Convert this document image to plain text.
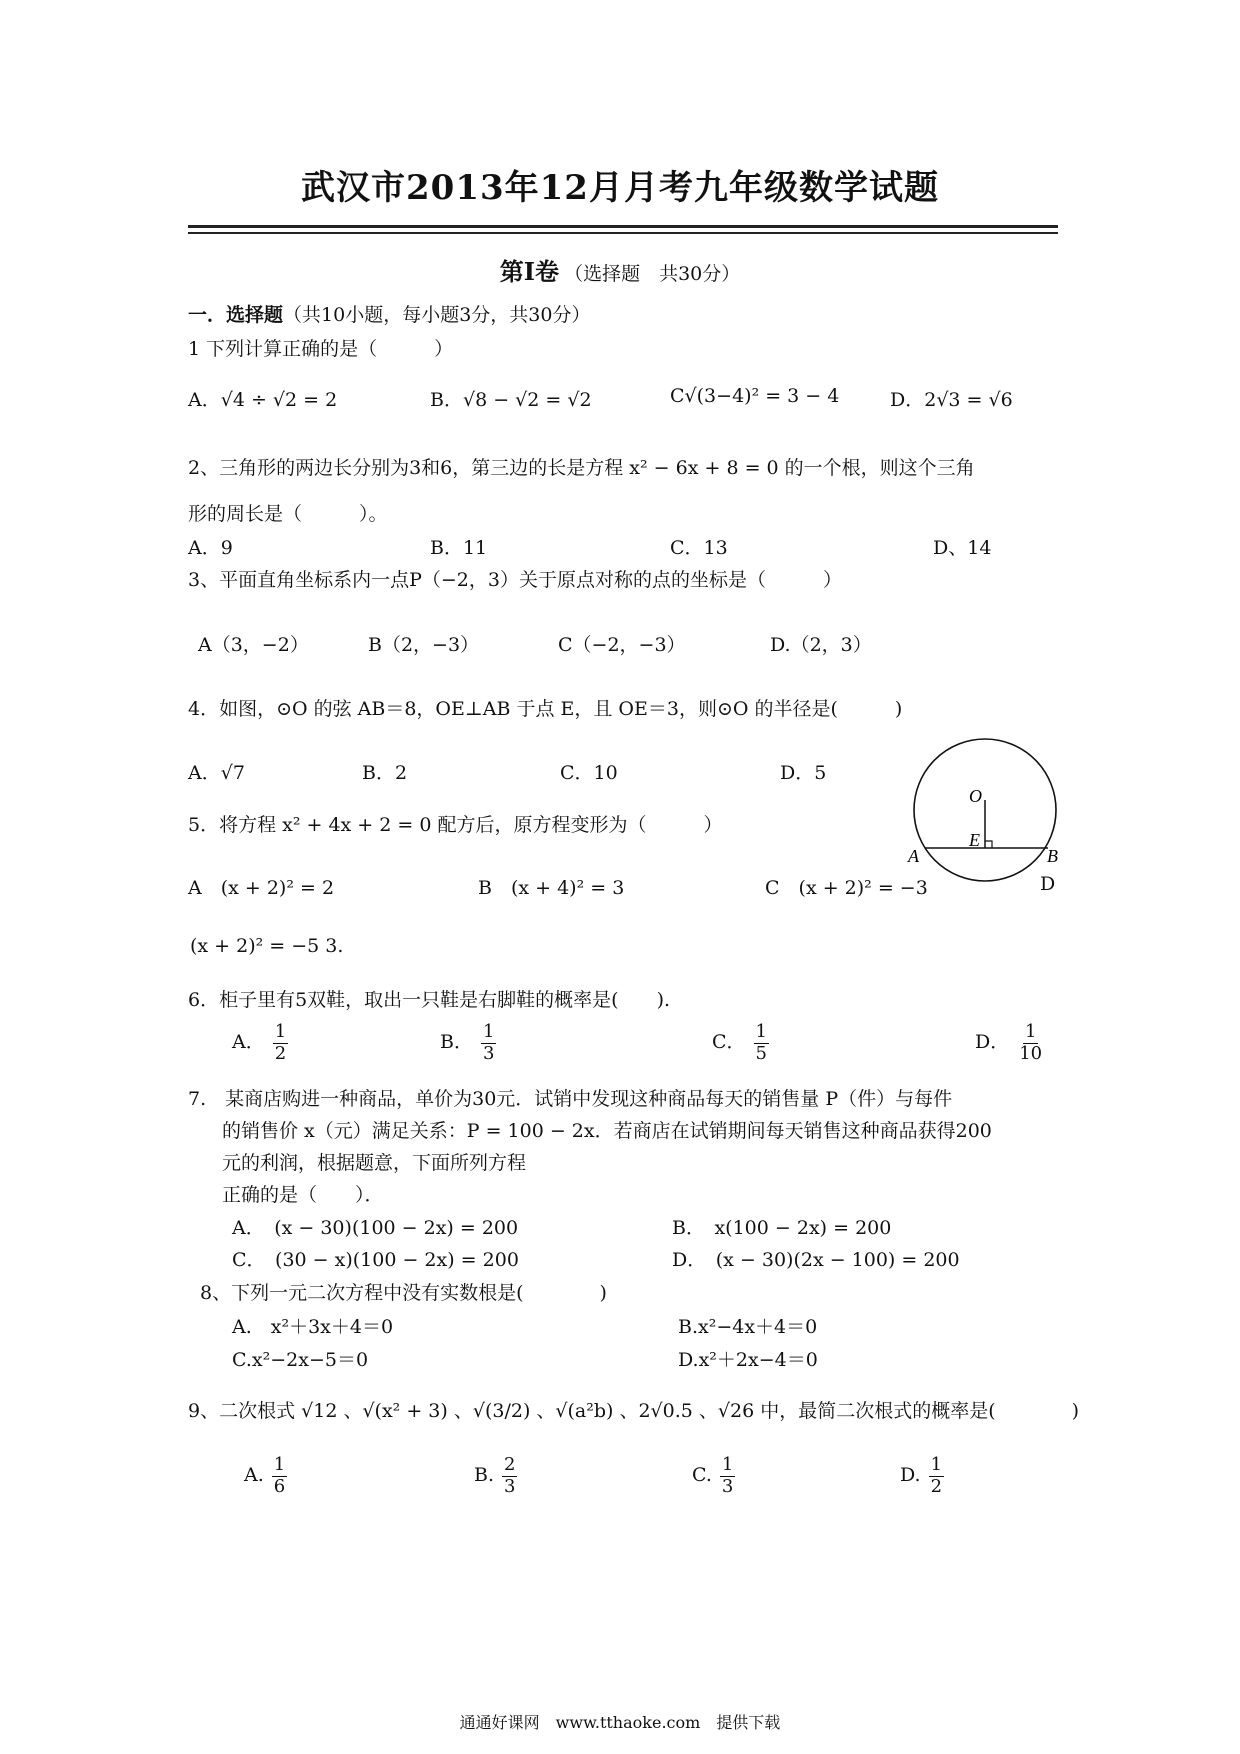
武汉市2013年12月月考九年级数学试题
第Ⅰ卷 （选择题　共30分）
一．选择题（共10小题，每小题3分，共30分）
1 下列计算正确的是（　　　）
A．√4 ÷ √2 = 2	B．√8 − √2 = √2	C√(3−4)² = 3 − 4	D．2√3 = √6
2、三角形的两边长分别为3和6，第三边的长是方程 x² − 6x + 8 = 0 的一个根，则这个三角
形的周长是（　　　）。
A．9	B．11	C．13	D、14
3、平面直角坐标系内一点P（−2，3）关于原点对称的点的坐标是（　　　）
A（3，−2）	B（2，−3）	C（−2，−3）	D.（2，3）
4．如图，⊙O 的弦 AB＝8，OE⊥AB 于点 E，且 OE＝3，则⊙O 的半径是(　　　)
A．√7	B．2	C．10	D．5
O
E
A	B
5．将方程 x² + 4x + 2 = 0 配方后，原方程变形为（　　　）
A　(x + 2)² = 2	B　(x + 4)² = 3	C　(x + 2)² = −3	D
(x + 2)² = −5 3.
6．柜子里有5双鞋，取出一只鞋是右脚鞋的概率是(　　).
A． $\frac{1}{2}$	B． $\frac{1}{3}$	C． $\frac{1}{5}$	D． $\frac{1}{10}$
7.　某商店购进一种商品，单价为30元．试销中发现这种商品每天的销售量 P（件）与每件
的销售价 x（元）满足关系：P = 100 − 2x．若商店在试销期间每天销售这种商品获得200
元的利润，根据题意，下面所列方程
正确的是（　　）．
A．　(x − 30)(100 − 2x) = 200	B．　x(100 − 2x) = 200
C．　(30 − x)(100 − 2x) = 200	D．　(x − 30)(2x − 100) = 200
8、下列一元二次方程中没有实数根是(　　　　)
A.　x²＋3x＋4＝0	B.x²−4x＋4＝0
C.x²−2x−5＝0	D.x²＋2x−4＝0
9、二次根式 √12 、√(x² + 3) 、√(3/2) 、√(a²b) 、2√0.5 、√26 中，最简二次根式的概率是(　　　　)
A. $\frac{1}{6}$	B. $\frac{2}{3}$	C. $\frac{1}{3}$	D. $\frac{1}{2}$
通通好课网　www.tthaoke.com　提供下载
